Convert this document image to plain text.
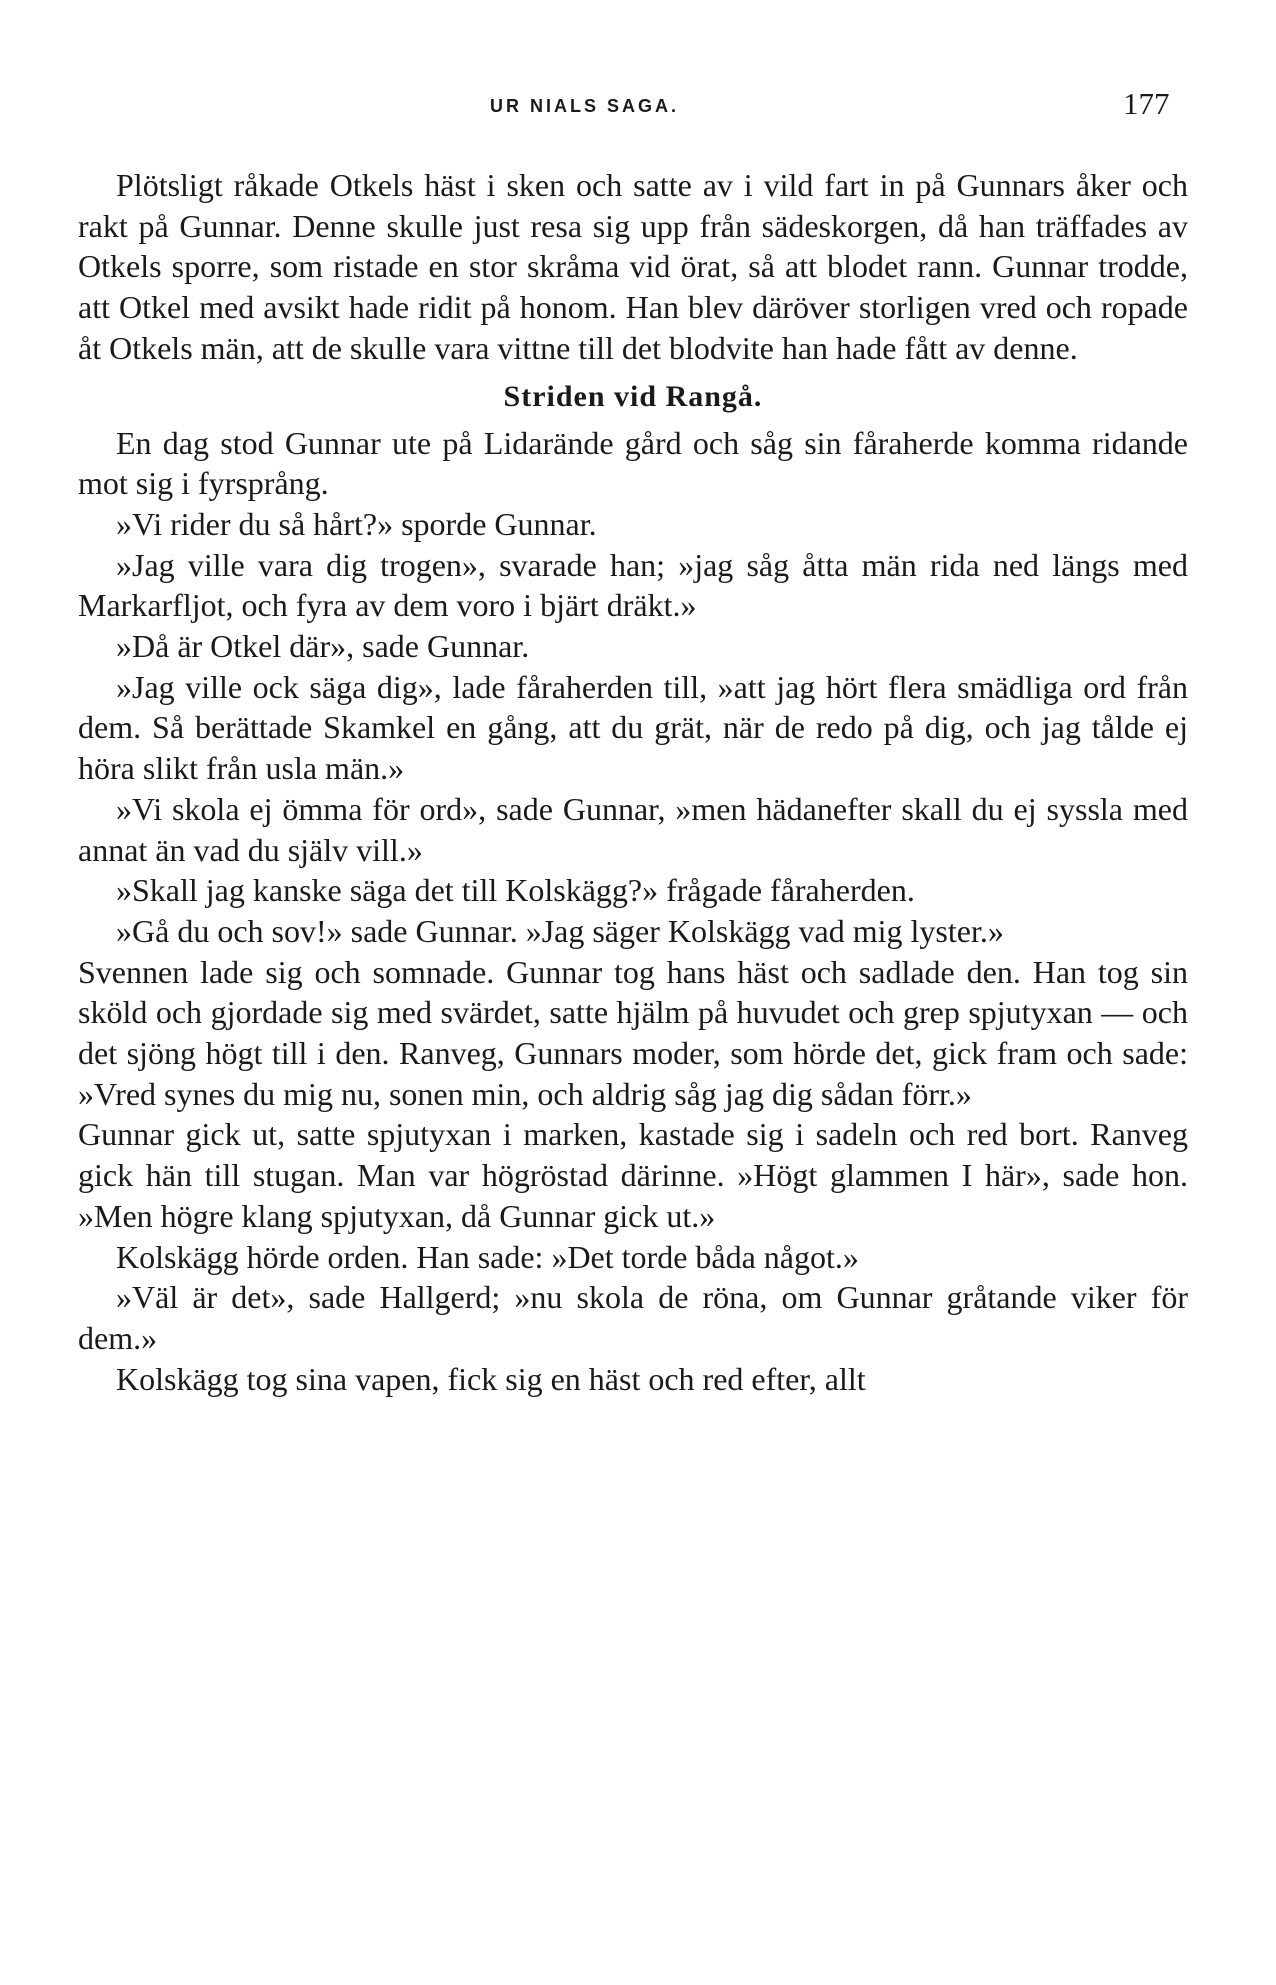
UR NIALS SAGA.	177

Plötsligt råkade Otkels häst i sken och satte av i vild fart in på Gunnars åker och rakt på Gunnar. Denne skulle just resa sig upp från sädeskorgen, då han träffades av Otkels sporre, som ristade en stor skråma vid örat, så att blodet rann. Gunnar trodde, att Otkel med avsikt hade ridit på honom. Han blev däröver storligen vred och ropade åt Otkels män, att de skulle vara vittne till det blodvite han hade fått av denne.

Striden vid Rangå.

En dag stod Gunnar ute på Lidarände gård och såg sin fåraherde komma ridande mot sig i fyrsprång.

»Vi rider du så hårt?» sporde Gunnar.

»Jag ville vara dig trogen», svarade han; »jag såg åtta män rida ned längs med Markarfljot, och fyra av dem voro i bjärt dräkt.»

»Då är Otkel där», sade Gunnar.

»Jag ville ock säga dig», lade fåraherden till, »att jag hört flera smädliga ord från dem. Så berättade Skamkel en gång, att du grät, när de redo på dig, och jag tålde ej höra slikt från usla män.»

»Vi skola ej ömma för ord», sade Gunnar, »men hädanefter skall du ej syssla med annat än vad du själv vill.»

»Skall jag kanske säga det till Kolskägg?» frågade fåraherden.

»Gå du och sov!» sade Gunnar. »Jag säger Kolskägg vad mig lyster.»

Svennen lade sig och somnade. Gunnar tog hans häst och sadlade den. Han tog sin sköld och gjordade sig med svärdet, satte hjälm på huvudet och grep spjutyxan — och det sjöng högt till i den. Ranveg, Gunnars moder, som hörde det, gick fram och sade: »Vred synes du mig nu, sonen min, och aldrig såg jag dig sådan förr.»

Gunnar gick ut, satte spjutyxan i marken, kastade sig i sadeln och red bort. Ranveg gick hän till stugan. Man var högröstad därinne. »Högt glammen I här», sade hon. »Men högre klang spjutyxan, då Gunnar gick ut.»

Kolskägg hörde orden. Han sade: »Det torde båda något.»

»Väl är det», sade Hallgerd; »nu skola de röna, om Gunnar gråtande viker för dem.»

Kolskägg tog sina vapen, fick sig en häst och red efter, allt
